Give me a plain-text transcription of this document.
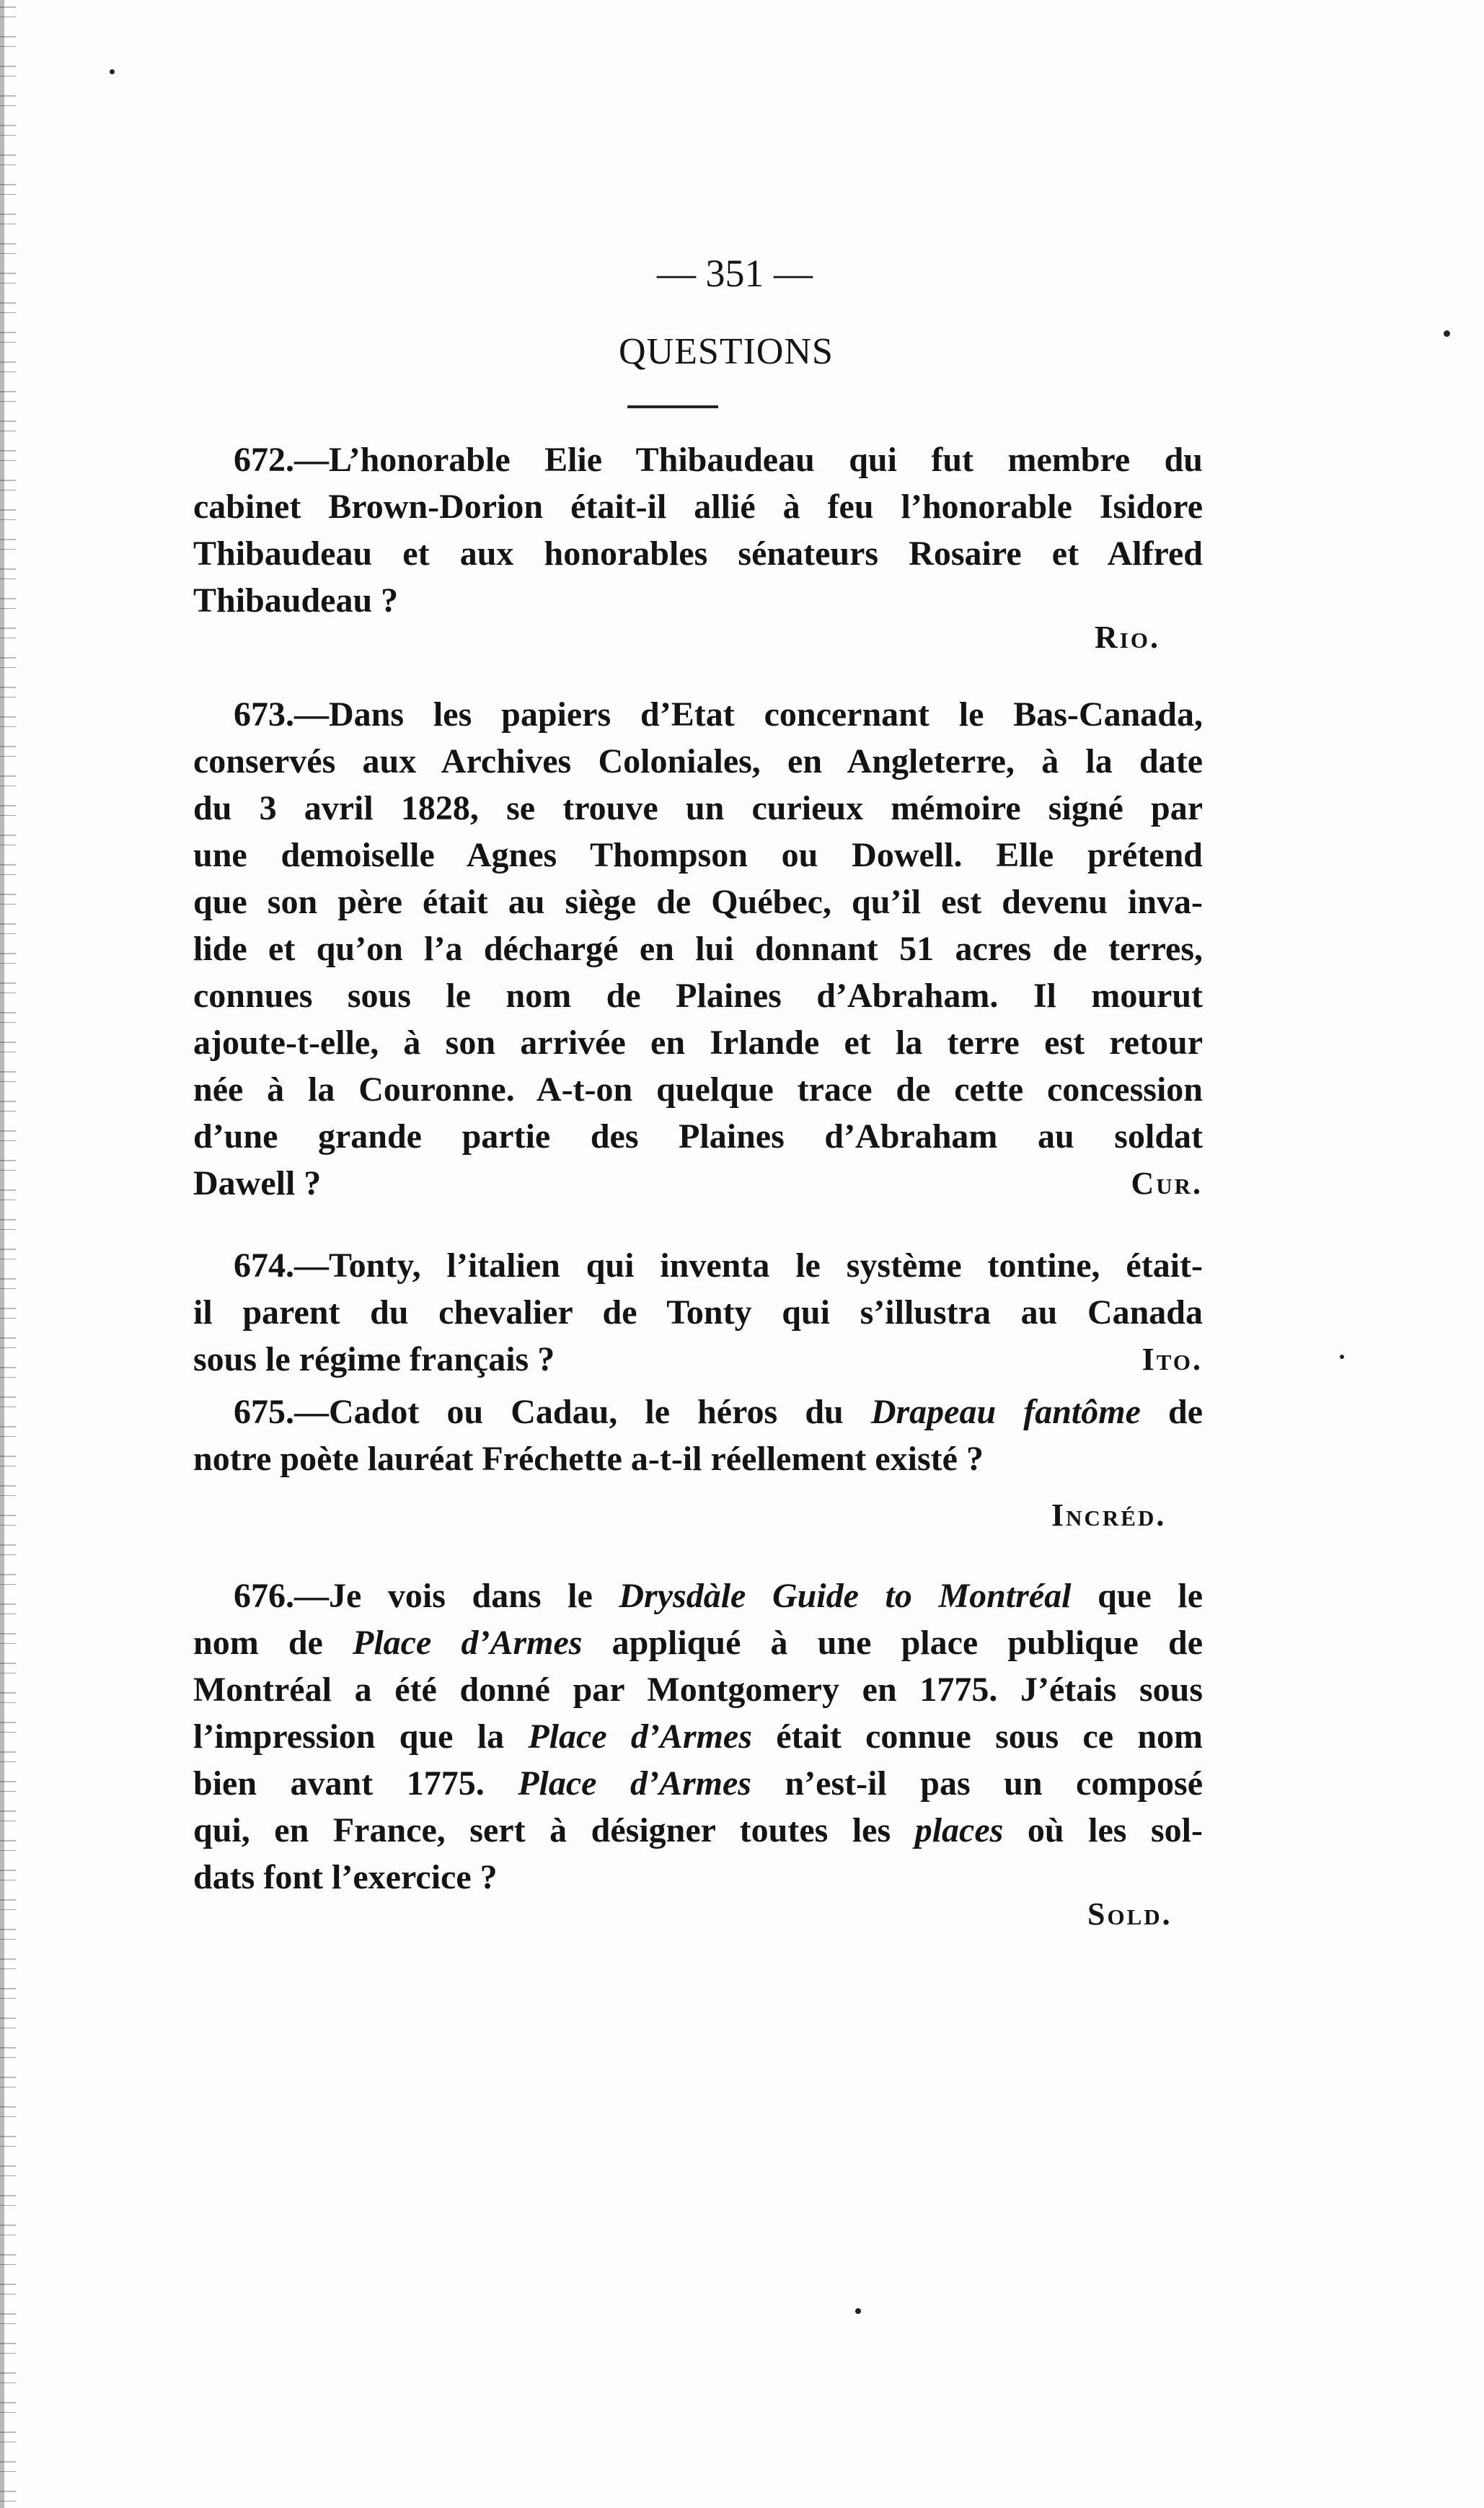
— 351 —
QUESTIONS
672.—L’honorable Elie Thibaudeau qui fut membre du
cabinet Brown-Dorion était-il allié à feu l’honorable Isidore
Thibaudeau et aux honorables sénateurs Rosaire et Alfred
Thibaudeau ?
Rio.
673.—Dans les papiers d’Etat concernant le Bas-Canada,
conservés aux Archives Coloniales, en Angleterre, à la date
du 3 avril 1828, se trouve un curieux mémoire signé par
une demoiselle Agnes Thompson ou Dowell. Elle prétend
que son père était au siège de Québec, qu’il est devenu inva-
lide et qu’on l’a déchargé en lui donnant 51 acres de terres,
connues sous le nom de Plaines d’Abraham. Il mourut
ajoute-t-elle, à son arrivée en Irlande et la terre est retour
née à la Couronne. A-t-on quelque trace de cette concession
d’une grande partie des Plaines d’Abraham au soldat
Dawell ?	Cur.
674.—Tonty, l’italien qui inventa le système tontine, était-
il parent du chevalier de Tonty qui s’illustra au Canada
sous le régime français ?	Ito.
675.—Cadot ou Cadau, le héros du Drapeau fantôme de
notre poète lauréat Fréchette a-t-il réellement existé ?
Incréd.
676.—Je vois dans le Drysdàle Guide to Montréal que le
nom de Place d’Armes appliqué à une place publique de
Montréal a été donné par Montgomery en 1775. J’étais sous
l’impression que la Place d’Armes était connue sous ce nom
bien avant 1775. Place d’Armes n’est-il pas un composé
qui, en France, sert à désigner toutes les places où les sol-
dats font l’exercice ?
Sold.
